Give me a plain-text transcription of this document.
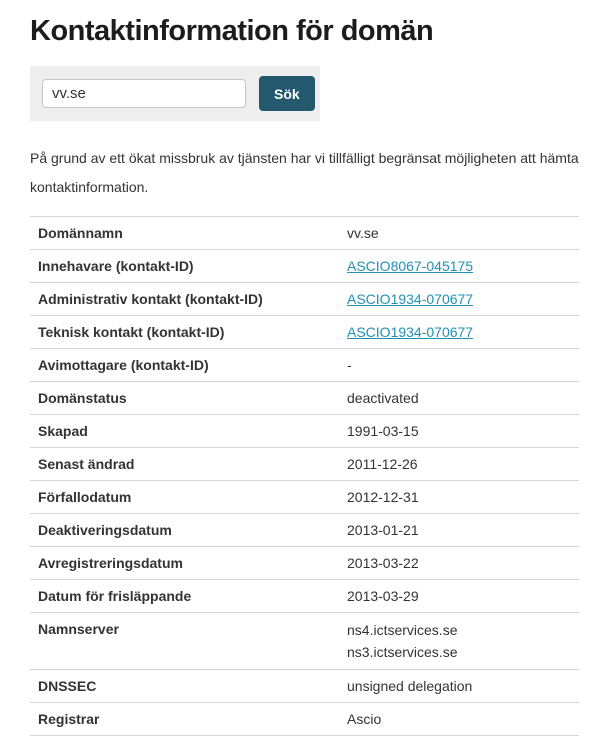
Kontaktinformation för domän
vv.se
Sök

På grund av ett ökat missbruk av tjänsten har vi tillfälligt begränsat möjligheten att hämta kontaktinformation.

Domännamn	vv.se
Innehavare (kontakt-ID)	ASCIO8067-045175
Administrativ kontakt (kontakt-ID)	ASCIO1934-070677
Teknisk kontakt (kontakt-ID)	ASCIO1934-070677
Avimottagare (kontakt-ID)	-
Domänstatus	deactivated
Skapad	1991-03-15
Senast ändrad	2011-12-26
Förfallodatum	2012-12-31
Deaktiveringsdatum	2013-01-21
Avregistreringsdatum	2013-03-22
Datum för frisläppande	2013-03-29
Namnserver	ns4.ictservices.se
ns3.ictservices.se
DNSSEC	unsigned delegation
Registrar	Ascio
